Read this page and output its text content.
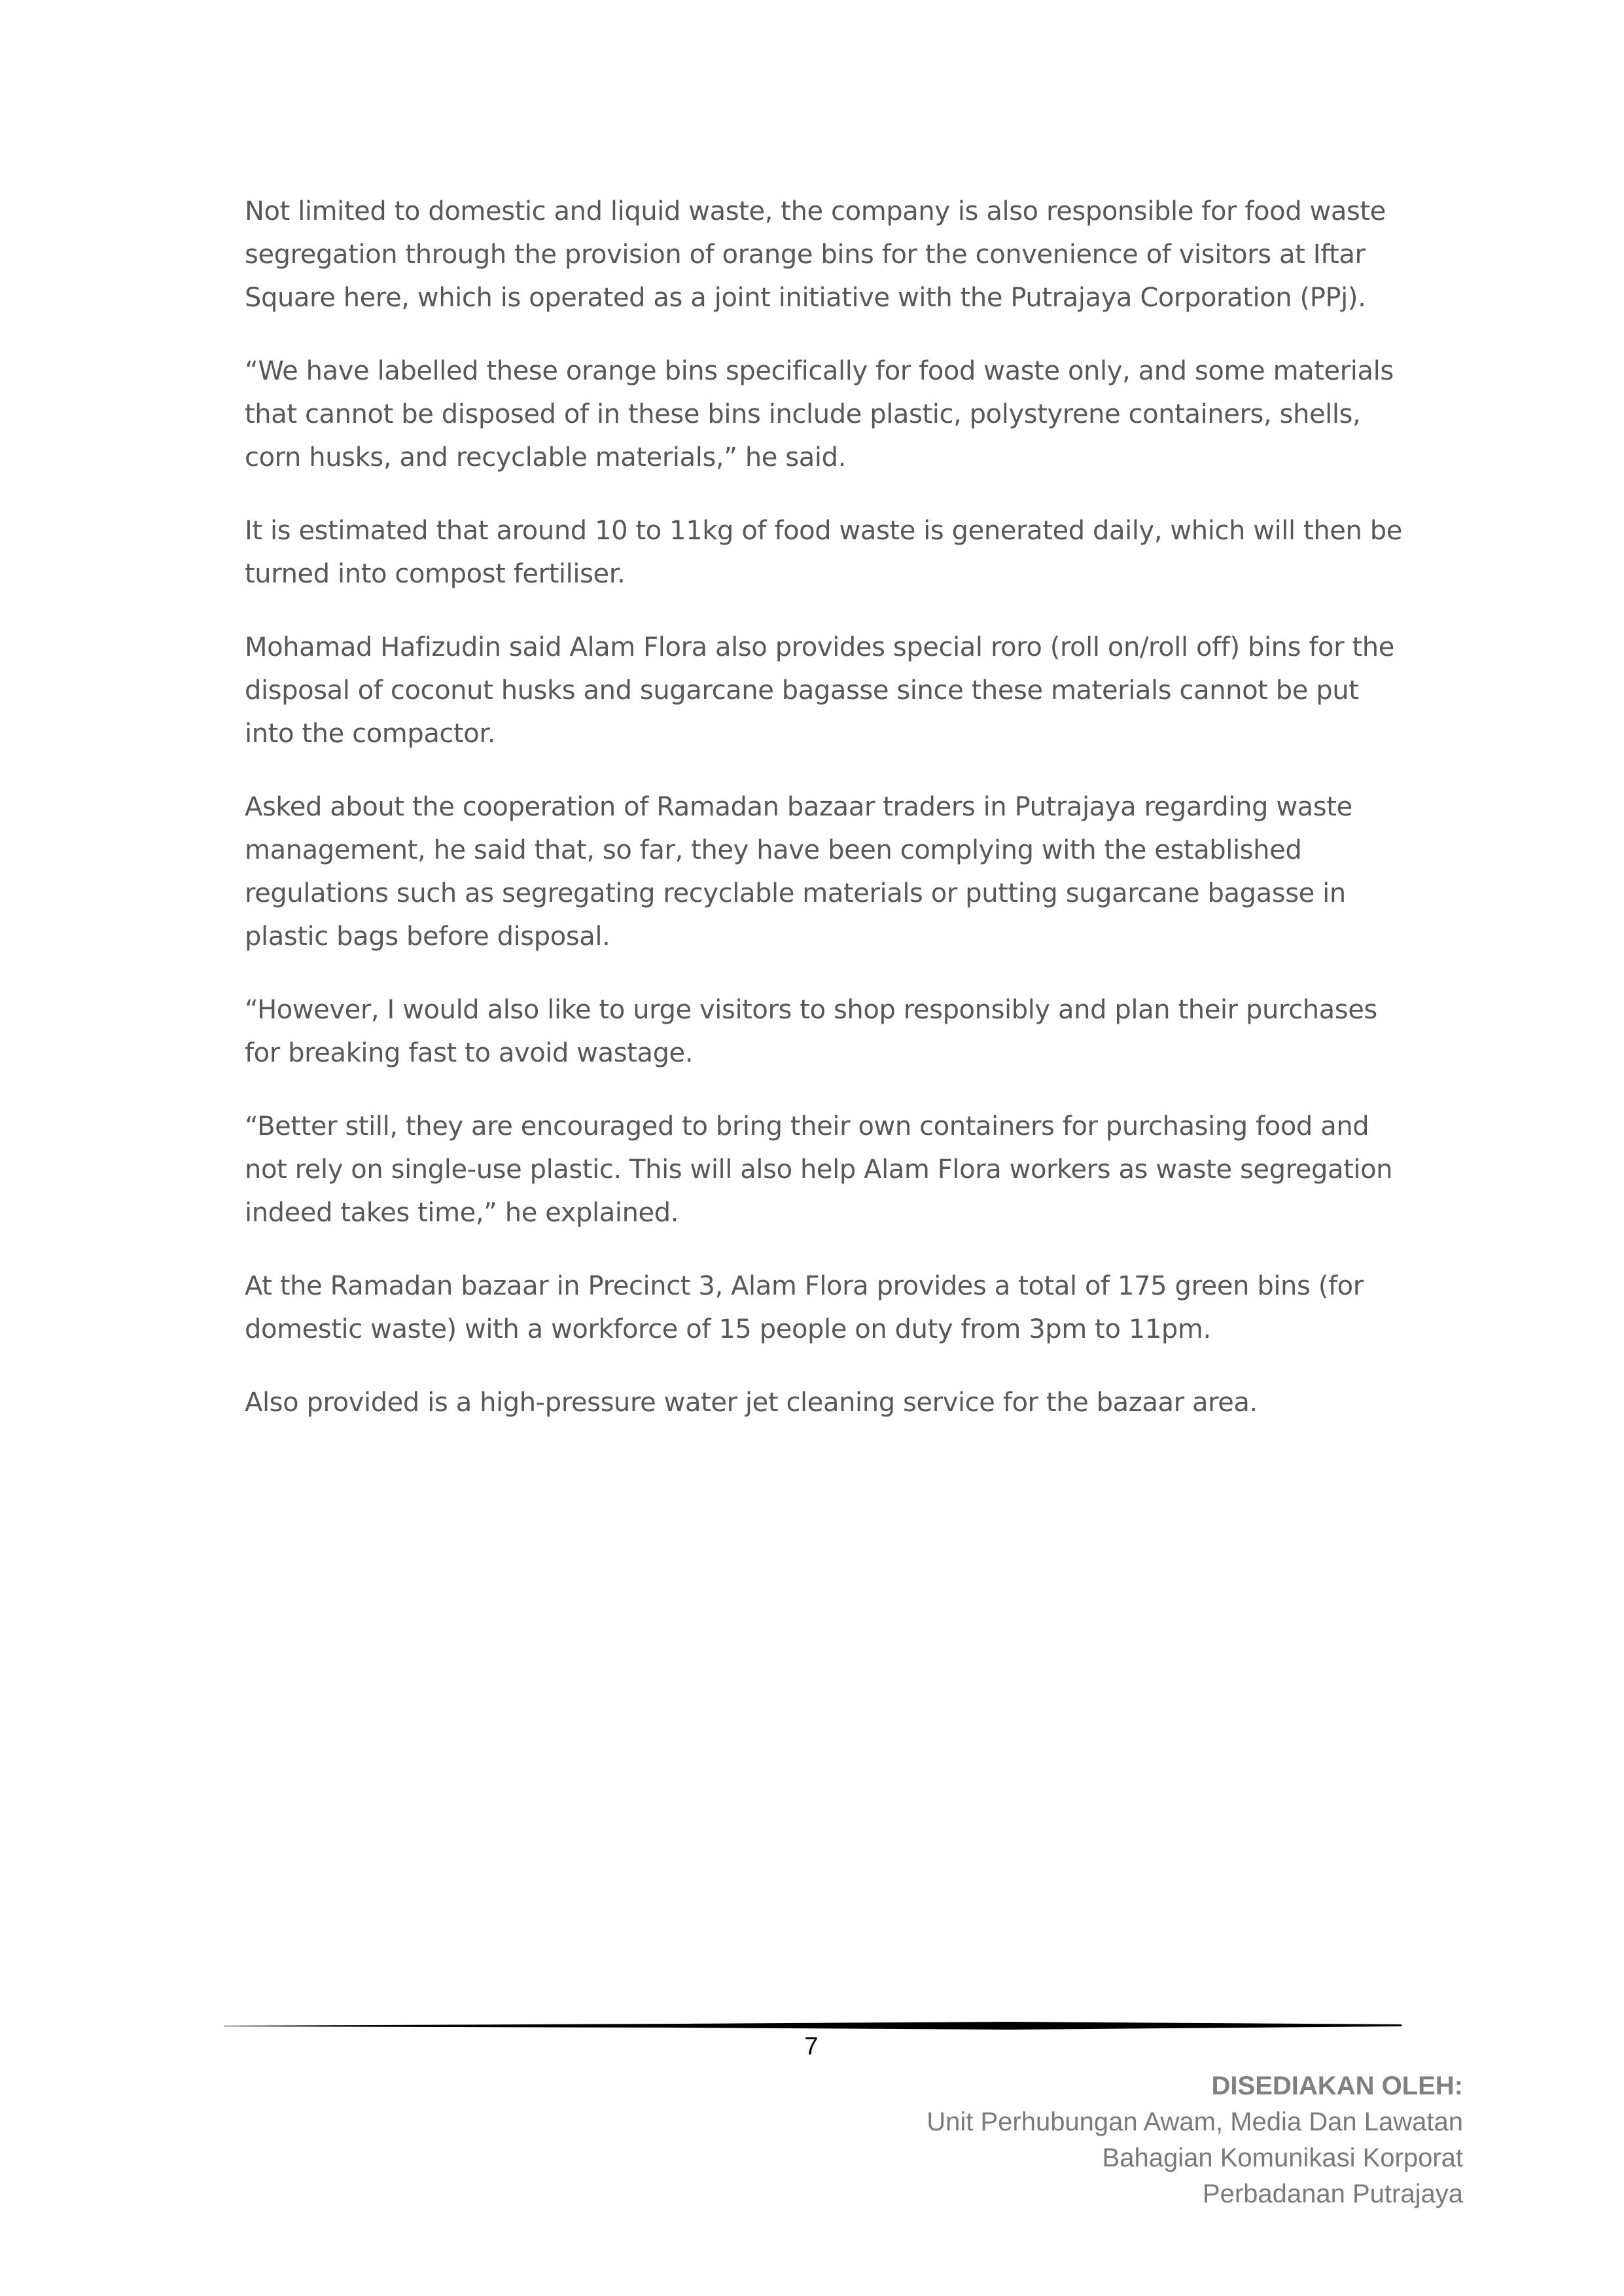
Not limited to domestic and liquid waste, the company is also responsible for food waste segregation through the provision of orange bins for the convenience of visitors at Iftar Square here, which is operated as a joint initiative with the Putrajaya Corporation (PPj).

“We have labelled these orange bins specifically for food waste only, and some materials that cannot be disposed of in these bins include plastic, polystyrene containers, shells, corn husks, and recyclable materials,” he said.

It is estimated that around 10 to 11kg of food waste is generated daily, which will then be turned into compost fertiliser.

Mohamad Hafizudin said Alam Flora also provides special roro (roll on/roll off) bins for the disposal of coconut husks and sugarcane bagasse since these materials cannot be put into the compactor.

Asked about the cooperation of Ramadan bazaar traders in Putrajaya regarding waste management, he said that, so far, they have been complying with the established regulations such as segregating recyclable materials or putting sugarcane bagasse in plastic bags before disposal.

“However, I would also like to urge visitors to shop responsibly and plan their purchases for breaking fast to avoid wastage.

“Better still, they are encouraged to bring their own containers for purchasing food and not rely on single-use plastic. This will also help Alam Flora workers as waste segregation indeed takes time,” he explained.

At the Ramadan bazaar in Precinct 3, Alam Flora provides a total of 175 green bins (for domestic waste) with a workforce of 15 people on duty from 3pm to 11pm.

Also provided is a high-pressure water jet cleaning service for the bazaar area.

7
DISEDIAKAN OLEH:
Unit Perhubungan Awam, Media Dan Lawatan
Bahagian Komunikasi Korporat
Perbadanan Putrajaya
